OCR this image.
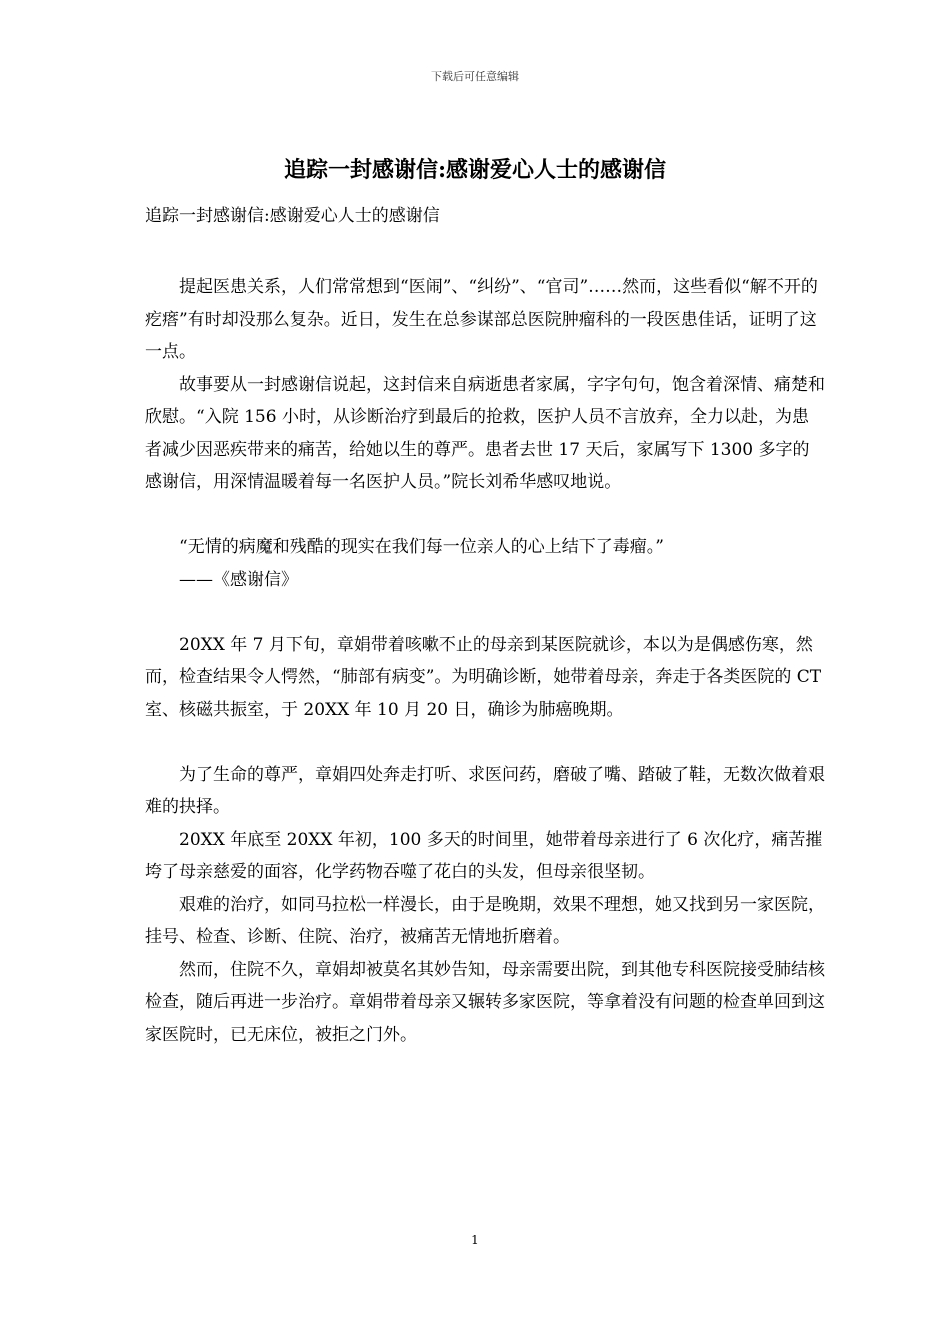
下载后可任意编辑
追踪一封感谢信:感谢爱心人士的感谢信

追踪一封感谢信:感谢爱心人士的感谢信

提起医患关系，人们常常想到“医闹”、“纠纷”、“官司”……然而，这些看似“解不开的疙瘩”有时却没那么复杂。近日，发生在总参谋部总医院肿瘤科的一段医患佳话，证明了这一点。

故事要从一封感谢信说起，这封信来自病逝患者家属，字字句句，饱含着深情、痛楚和欣慰。“入院 156 小时，从诊断治疗到最后的抢救，医护人员不言放弃，全力以赴，为患者减少因恶疾带来的痛苦，给她以生的尊严。患者去世 17 天后，家属写下 1300 多字的感谢信，用深情温暖着每一名医护人员。”院长刘希华感叹地说。

“无情的病魔和残酷的现实在我们每一位亲人的心上结下了毒瘤。”

——《感谢信》

20XX 年 7 月下旬，章娟带着咳嗽不止的母亲到某医院就诊，本以为是偶感伤寒，然而，检查结果令人愕然，“肺部有病变”。为明确诊断，她带着母亲，奔走于各类医院的 CT 室、核磁共振室，于 20XX 年 10 月 20 日，确诊为肺癌晚期。

为了生命的尊严，章娟四处奔走打听、求医问药，磨破了嘴、踏破了鞋，无数次做着艰难的抉择。

20XX 年底至 20XX 年初，100 多天的时间里，她带着母亲进行了 6 次化疗，痛苦摧垮了母亲慈爱的面容，化学药物吞噬了花白的头发，但母亲很坚韧。

艰难的治疗，如同马拉松一样漫长，由于是晚期，效果不理想，她又找到另一家医院，挂号、检查、诊断、住院、治疗，被痛苦无情地折磨着。

然而，住院不久，章娟却被莫名其妙告知，母亲需要出院，到其他专科医院接受肺结核检查，随后再进一步治疗。章娟带着母亲又辗转多家医院，等拿着没有问题的检查单回到这家医院时，已无床位，被拒之门外。

1
